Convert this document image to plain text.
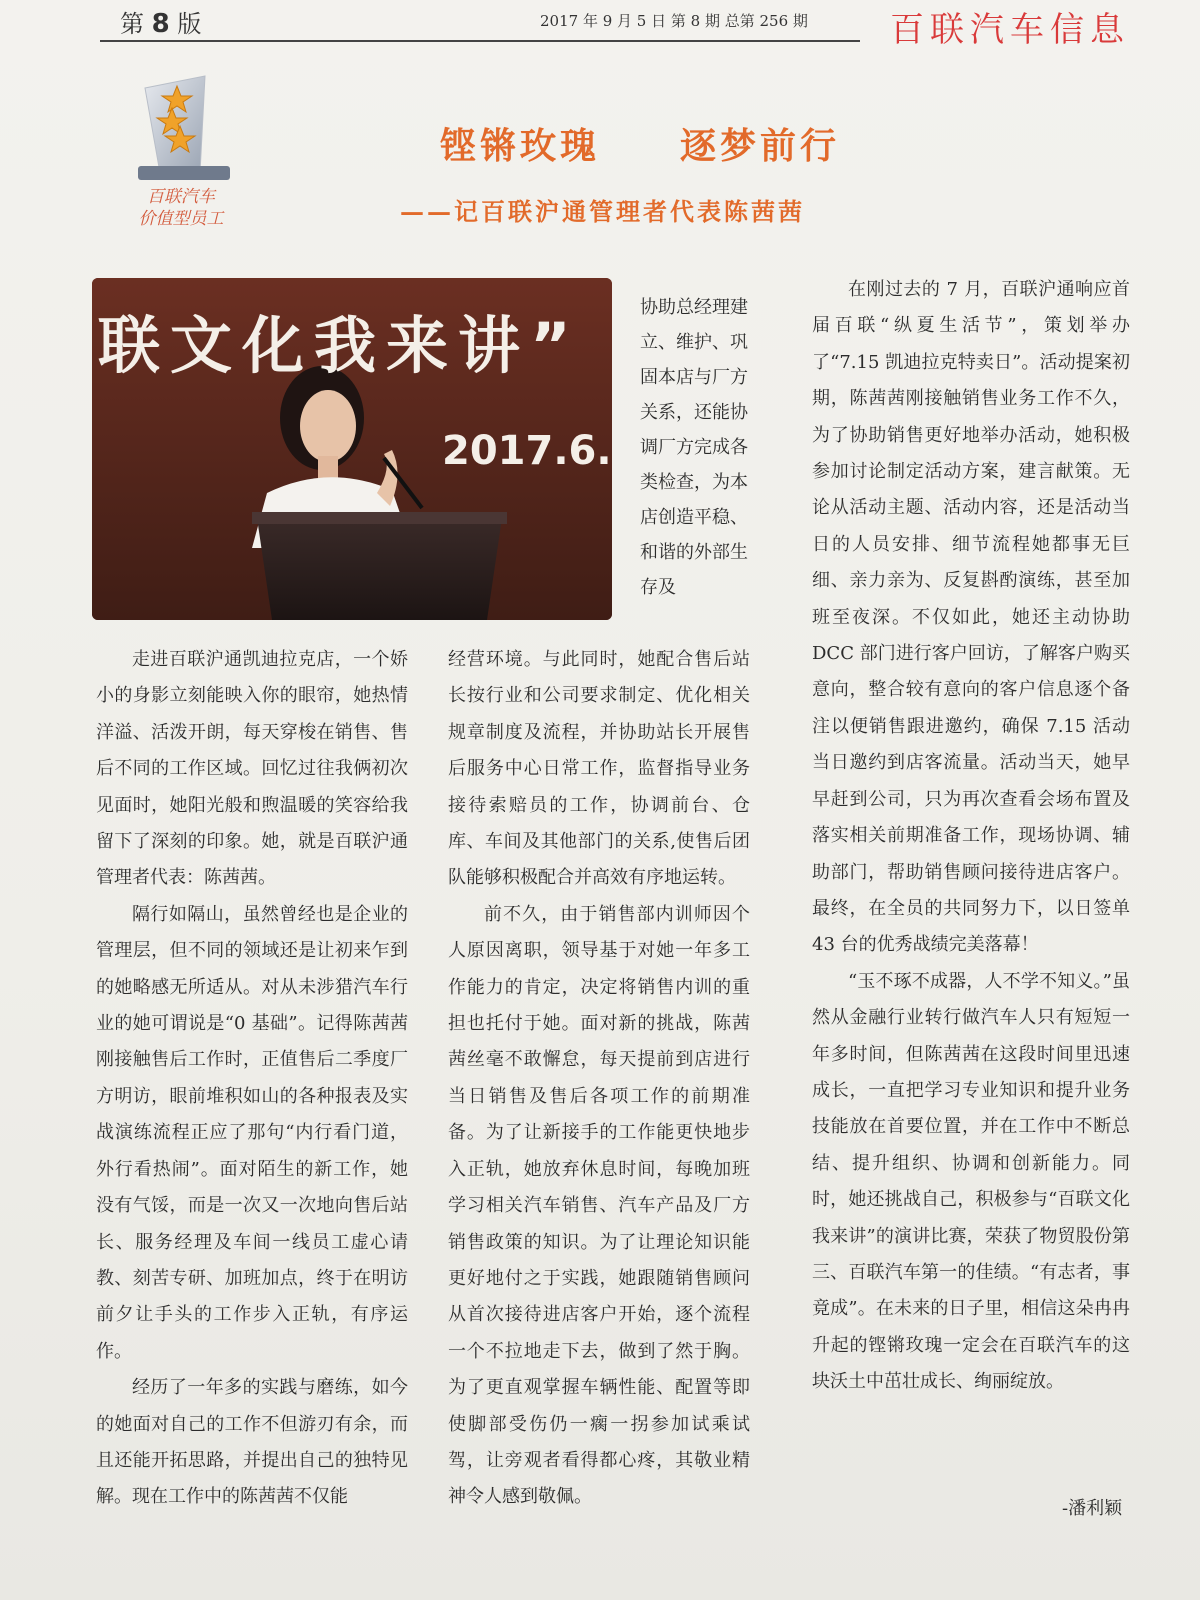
第 8 版	2017 年 9 月 5 日 第 8 期 总第 256 期 百联汽车信息
百联汽车
价值型员工
铿锵玫瑰　　逐梦前行
——记百联沪通管理者代表陈茜茜
联文化我来讲”
2017.6.
协助总经理建立、维护、巩固本店与厂方关系，还能协调厂方完成各类检查，为本店创造平稳、和谐的外部生存及

走进百联沪通凯迪拉克店，一个娇小的身影立刻能映入你的眼帘，她热情洋溢、活泼开朗，每天穿梭在销售、售后不同的工作区域。回忆过往我俩初次见面时，她阳光般和煦温暖的笑容给我留下了深刻的印象。她，就是百联沪通管理者代表：陈茜茜。

隔行如隔山，虽然曾经也是企业的管理层，但不同的领域还是让初来乍到的她略感无所适从。对从未涉猎汽车行业的她可谓说是“0 基础”。记得陈茜茜刚接触售后工作时，正值售后二季度厂方明访，眼前堆积如山的各种报表及实战演练流程正应了那句“内行看门道，外行看热闹”。面对陌生的新工作，她没有气馁，而是一次又一次地向售后站长、服务经理及车间一线员工虚心请教、刻苦专研、加班加点，终于在明访前夕让手头的工作步入正轨，有序运作。

经历了一年多的实践与磨练，如今的她面对自己的工作不但游刃有余，而且还能开拓思路，并提出自己的独特见解。现在工作中的陈茜茜不仅能

经营环境。与此同时，她配合售后站长按行业和公司要求制定、优化相关规章制度及流程，并协助站长开展售后服务中心日常工作，监督指导业务接待索赔员的工作，协调前台、仓库、车间及其他部门的关系,使售后团队能够积极配合并高效有序地运转。

前不久，由于销售部内训师因个人原因离职，领导基于对她一年多工作能力的肯定，决定将销售内训的重担也托付于她。面对新的挑战，陈茜茜丝毫不敢懈怠，每天提前到店进行当日销售及售后各项工作的前期准备。为了让新接手的工作能更快地步入正轨，她放弃休息时间，每晚加班学习相关汽车销售、汽车产品及厂方销售政策的知识。为了让理论知识能更好地付之于实践，她跟随销售顾问从首次接待进店客户开始，逐个流程一个不拉地走下去，做到了然于胸。为了更直观掌握车辆性能、配置等即使脚部受伤仍一瘸一拐参加试乘试驾，让旁观者看得都心疼，其敬业精神令人感到敬佩。

在刚过去的 7 月，百联沪通响应首届百联“纵夏生活节”，策划举办了“7.15 凯迪拉克特卖日”。活动提案初期，陈茜茜刚接触销售业务工作不久，为了协助销售更好地举办活动，她积极参加讨论制定活动方案，建言献策。无论从活动主题、活动内容，还是活动当日的人员安排、细节流程她都事无巨细、亲力亲为、反复斟酌演练，甚至加班至夜深。不仅如此，她还主动协助 DCC 部门进行客户回访，了解客户购买意向，整合较有意向的客户信息逐个备注以便销售跟进邀约，确保 7.15 活动当日邀约到店客流量。活动当天，她早早赶到公司，只为再次查看会场布置及落实相关前期准备工作，现场协调、辅助部门，帮助销售顾问接待进店客户。最终，在全员的共同努力下，以日签单 43 台的优秀战绩完美落幕！

“玉不琢不成器，人不学不知义。”虽然从金融行业转行做汽车人只有短短一年多时间，但陈茜茜在这段时间里迅速成长，一直把学习专业知识和提升业务技能放在首要位置，并在工作中不断总结、提升组织、协调和创新能力。同时，她还挑战自己，积极参与“百联文化我来讲”的演讲比赛，荣获了物贸股份第三、百联汽车第一的佳绩。“有志者，事竟成”。在未来的日子里，相信这朵冉冉升起的铿锵玫瑰一定会在百联汽车的这块沃土中茁壮成长、绚丽绽放。

-潘利颖
